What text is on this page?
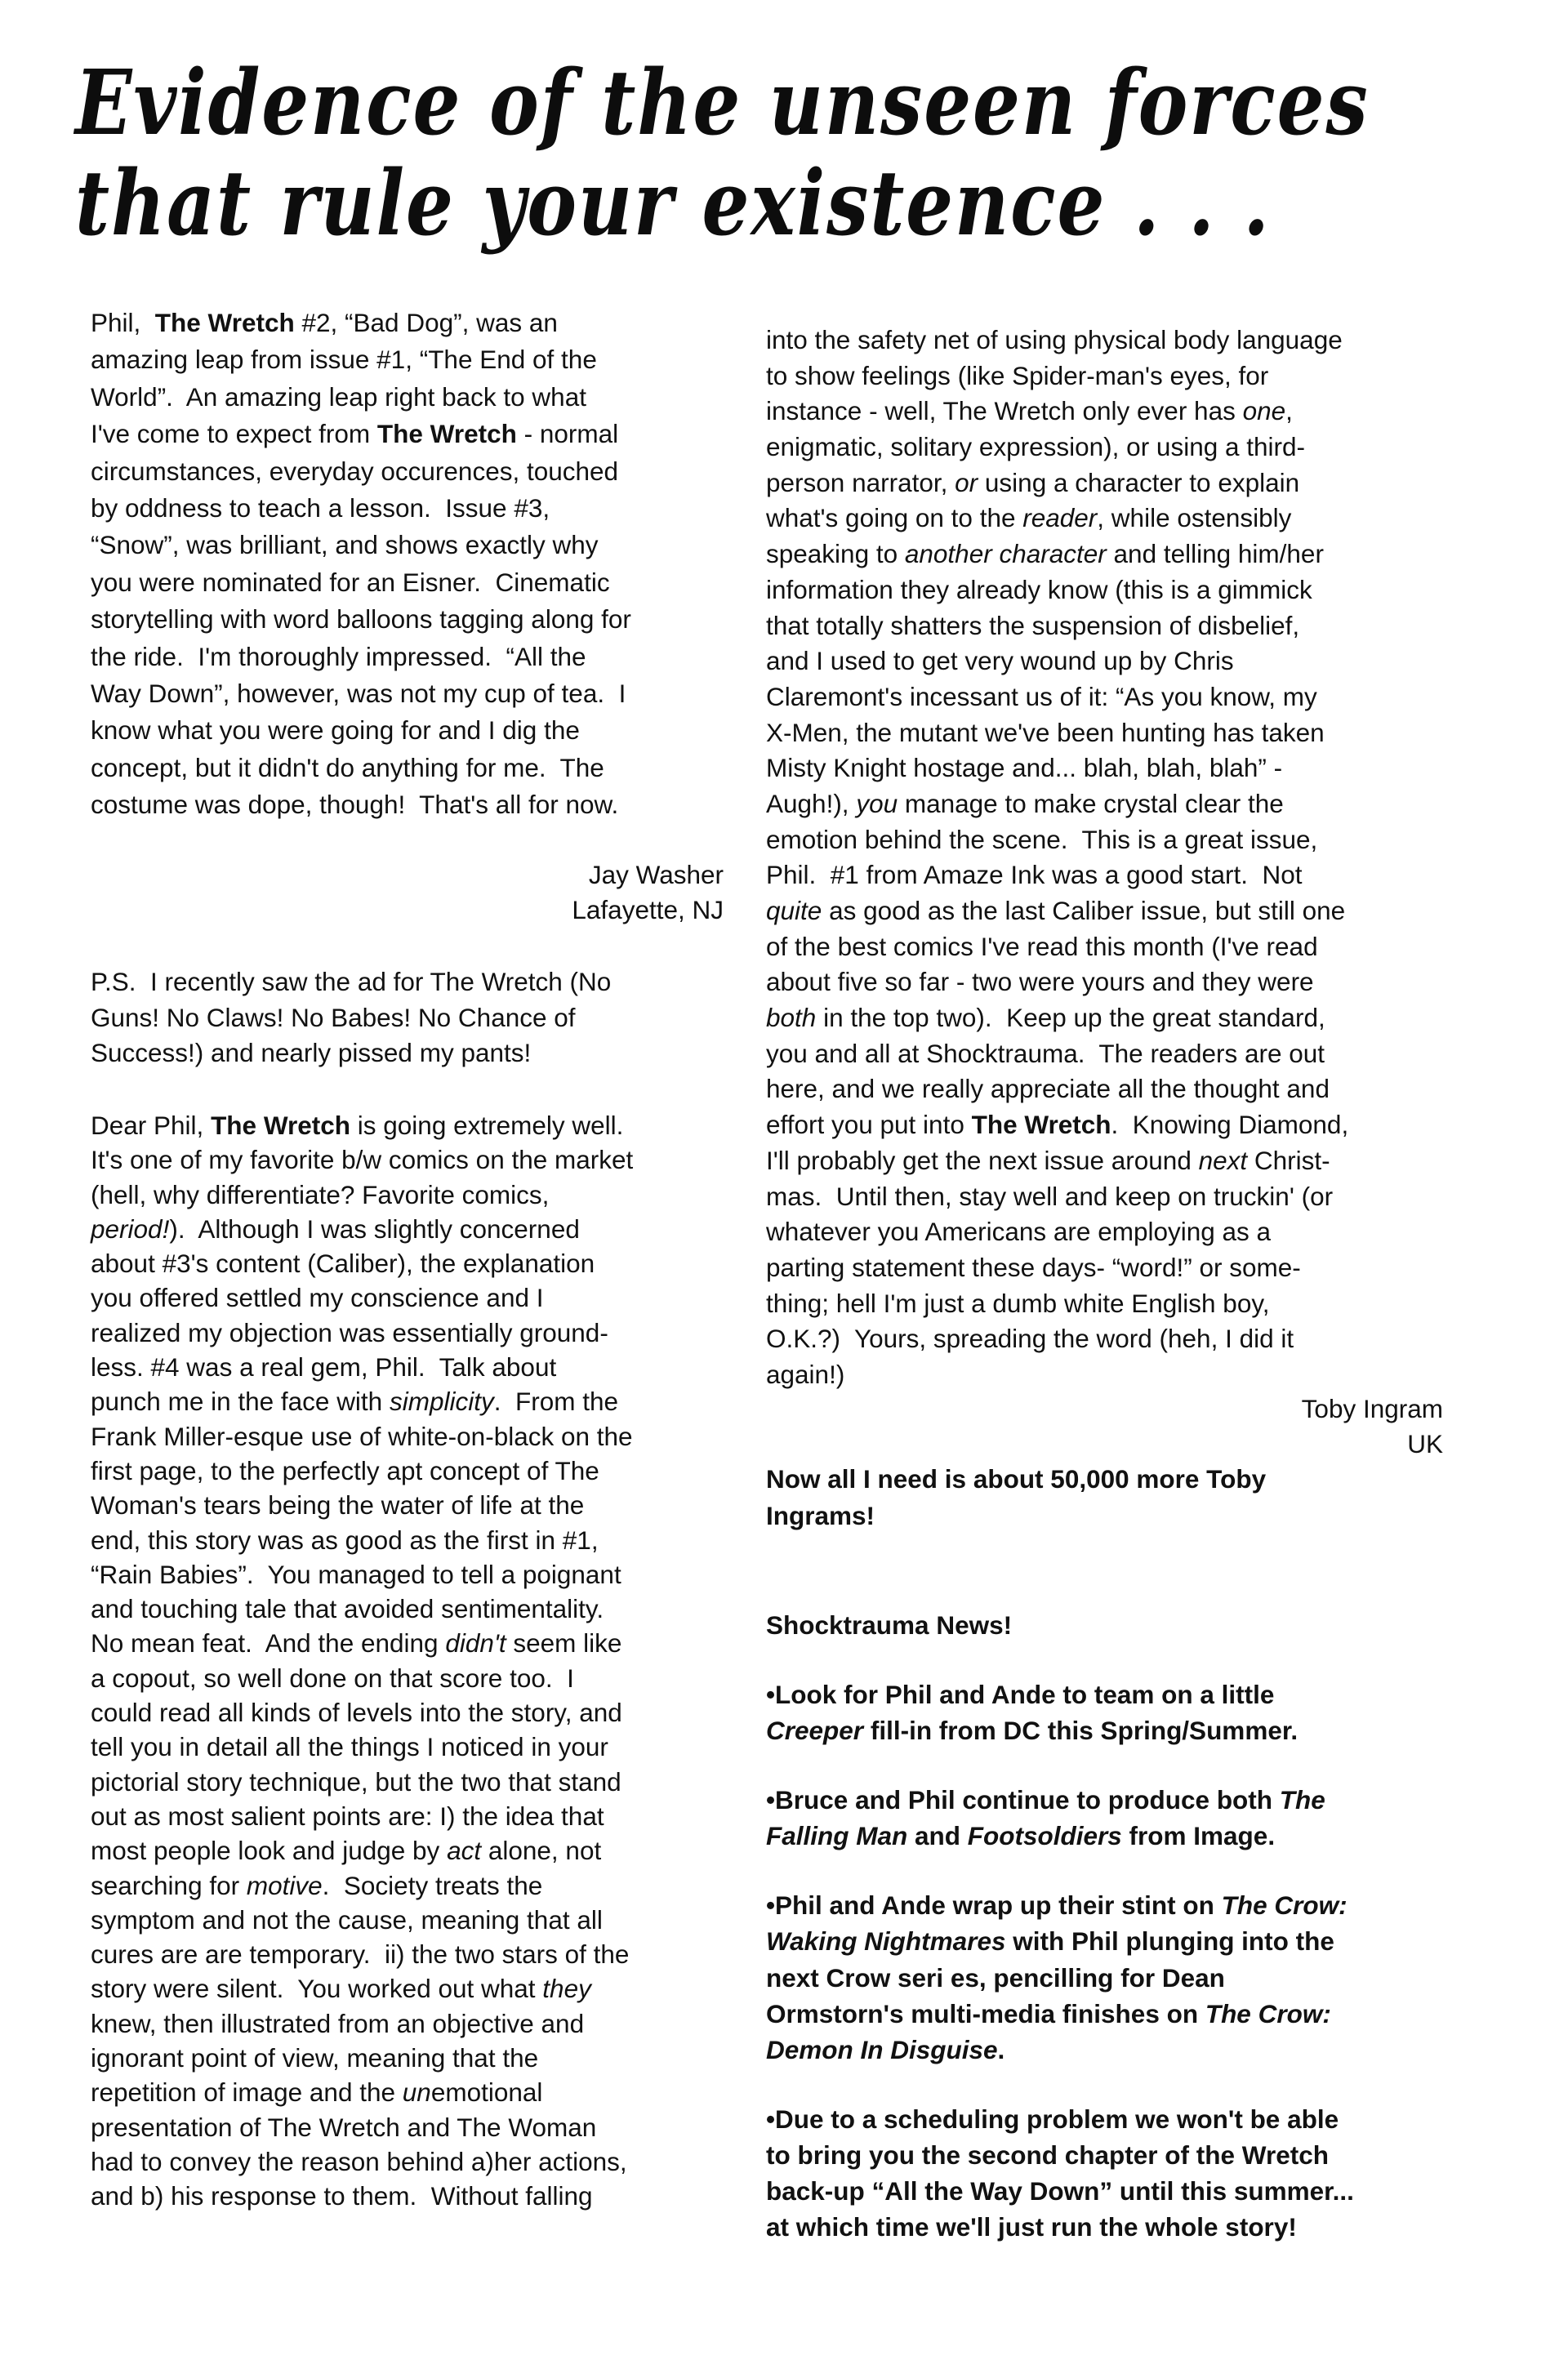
Evidence of the unseen forces
that rule your existence . . .
Phil,  The Wretch #2, “Bad Dog”, was an
amazing leap from issue #1, “The End of the
World”.  An amazing leap right back to what
I've come to expect from The Wretch - normal
circumstances, everyday occurences, touched
by oddness to teach a lesson.  Issue #3,
“Snow”, was brilliant, and shows exactly why
you were nominated for an Eisner.  Cinematic
storytelling with word balloons tagging along for
the ride.  I'm thoroughly impressed.  “All the
Way Down”, however, was not my cup of tea.  I
know what you were going for and I dig the
concept, but it didn't do anything for me.  The
costume was dope, though!  That's all for now.
Jay Washer
Lafayette, NJ
P.S.  I recently saw the ad for The Wretch (No
Guns! No Claws! No Babes! No Chance of
Success!) and nearly pissed my pants!
Dear Phil, The Wretch is going extremely well.
It's one of my favorite b/w comics on the market
(hell, why differentiate? Favorite comics,
period!).  Although I was slightly concerned
about #3's content (Caliber), the explanation
you offered settled my conscience and I
realized my objection was essentially ground-
less. #4 was a real gem, Phil.  Talk about
punch me in the face with simplicity.  From the
Frank Miller-esque use of white-on-black on the
first page, to the perfectly apt concept of The
Woman's tears being the water of life at the
end, this story was as good as the first in #1,
“Rain Babies”.  You managed to tell a poignant
and touching tale that avoided sentimentality.
No mean feat.  And the ending didn't seem like
a copout, so well done on that score too.  I
could read all kinds of levels into the story, and
tell you in detail all the things I noticed in your
pictorial story technique, but the two that stand
out as most salient points are: I) the idea that
most people look and judge by act alone, not
searching for motive.  Society treats the
symptom and not the cause, meaning that all
cures are are temporary.  ii) the two stars of the
story were silent.  You worked out what they
knew, then illustrated from an objective and
ignorant point of view, meaning that the
repetition of image and the unemotional
presentation of The Wretch and The Woman
had to convey the reason behind a)her actions,
and b) his response to them.  Without falling
into the safety net of using physical body language
to show feelings (like Spider-man's eyes, for
instance - well, The Wretch only ever has one,
enigmatic, solitary expression), or using a third-
person narrator, or using a character to explain
what's going on to the reader, while ostensibly
speaking to another character and telling him/her
information they already know (this is a gimmick
that totally shatters the suspension of disbelief,
and I used to get very wound up by Chris
Claremont's incessant us of it: “As you know, my
X-Men, the mutant we've been hunting has taken
Misty Knight hostage and... blah, blah, blah” -
Augh!), you manage to make crystal clear the
emotion behind the scene.  This is a great issue,
Phil.  #1 from Amaze Ink was a good start.  Not
quite as good as the last Caliber issue, but still one
of the best comics I've read this month (I've read
about five so far - two were yours and they were
both in the top two).  Keep up the great standard,
you and all at Shocktrauma.  The readers are out
here, and we really appreciate all the thought and
effort you put into The Wretch.  Knowing Diamond,
I'll probably get the next issue around next Christ-
mas.  Until then, stay well and keep on truckin' (or
whatever you Americans are employing as a
parting statement these days- “word!” or some-
thing; hell I'm just a dumb white English boy,
O.K.?)  Yours, spreading the word (heh, I did it
again!)
Toby Ingram
UK
Now all I need is about 50,000 more Toby
Ingrams!
Shocktrauma News!
•Look for Phil and Ande to team on a little
Creeper fill-in from DC this Spring/Summer.
•Bruce and Phil continue to produce both The
Falling Man and Footsoldiers from Image.
•Phil and Ande wrap up their stint on The Crow:
Waking Nightmares with Phil plunging into the
next Crow seri es, pencilling for Dean
Ormstorn's multi-media finishes on The Crow:
Demon In Disguise.
•Due to a scheduling problem we won't be able
to bring you the second chapter of the Wretch
back-up “All the Way Down” until this summer...
at which time we'll just run the whole story!
